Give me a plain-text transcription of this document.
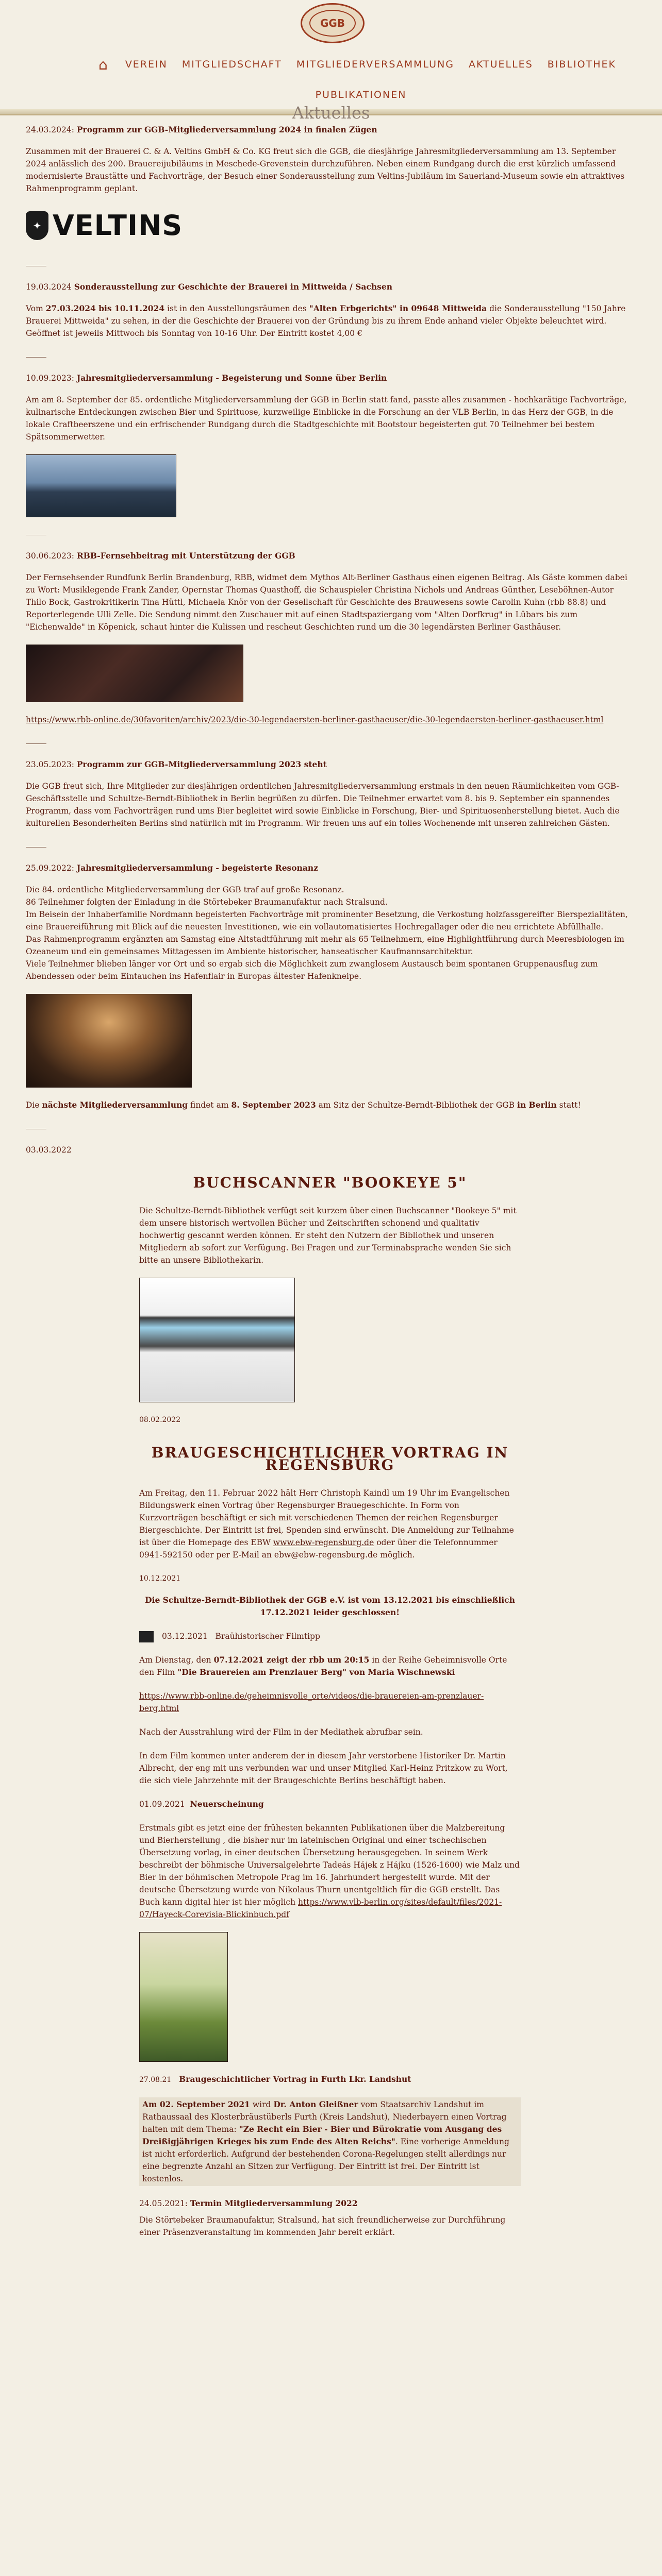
GGB
⌂ VEREIN MITGLIEDSCHAFT MITGLIEDERVERSAMMLUNG AKTUELLES BIBLIOTHEK
PUBLIKATIONEN
Aktuelles
24.03.2024: Programm zur GGB-Mitgliederversammlung 2024 in finalen Zügen

Zusammen mit der Brauerei C. & A. Veltins GmbH & Co. KG freut sich die GGB, die diesjährige Jahresmitgliederversammlung am 13. September 2024 anlässlich des 200. Brauereijubiläums in Meschede-Grevenstein durchzuführen. Neben einem Rundgang durch die erst kürzlich umfassend modernisierte Braustätte und Fachvorträge, der Besuch einer Sonderausstellung zum Veltins-Jubiläum im Sauerland-Museum sowie ein attraktives Rahmenprogramm geplant.

✦ VELTINS
19.03.2024 Sonderausstellung zur Geschichte der Brauerei in Mittweida / Sachsen

Vom 27.03.2024 bis 10.11.2024 ist in den Ausstellungsräumen des "Alten Erbgerichts" in 09648 Mittweida die Sonderausstellung "150 Jahre Brauerei Mittweida" zu sehen, in der die Geschichte der Brauerei von der Gründung bis zu ihrem Ende anhand vieler Objekte beleuchtet wird.

Geöffnet ist jeweils Mittwoch bis Sonntag von 10-16 Uhr. Der Eintritt kostet 4,00 €

10.09.2023: Jahresmitgliederversammlung - Begeisterung und Sonne über Berlin

Am am 8. September der 85. ordentliche Mitgliederversammlung der GGB in Berlin statt fand, passte alles zusammen - hochkarätige Fachvorträge, kulinarische Entdeckungen zwischen Bier und Spirituose, kurzweilige Einblicke in die Forschung an der VLB Berlin, in das Herz der GGB, in die lokale Craftbeerszene und ein erfrischender Rundgang durch die Stadtgeschichte mit Bootstour begeisterten gut 70 Teilnehmer bei bestem Spätsommerwetter.

30.06.2023: RBB-Fernsehbeitrag mit Unterstützung der GGB

Der Fernsehsender Rundfunk Berlin Brandenburg, RBB, widmet dem Mythos Alt-Berliner Gasthaus einen eigenen Beitrag. Als Gäste kommen dabei zu Wort: Musiklegende Frank Zander, Opernstar Thomas Quasthoff, die Schauspieler Christina Nichols und Andreas Günther, Leseböhnen-Autor Thilo Bock, Gastrokritikerin Tina Hüttl, Michaela Knör von der Gesellschaft für Geschichte des Brauwesens sowie Carolin Kuhn (rbb 88.8) und Reporterlegende Ulli Zelle. Die Sendung nimmt den Zuschauer mit auf einen Stadtspaziergang vom "Alten Dorfkrug" in Lübars bis zum "Eichenwalde" in Köpenick, schaut hinter die Kulissen und rescheut Geschichten rund um die 30 legendärsten Berliner Gasthäuser.

https://www.rbb-online.de/30favoriten/archiv/2023/die-30-legendaersten-berliner-gasthaeuser/die-30-legendaersten-berliner-gasthaeuser.html

23.05.2023: Programm zur GGB-Mitgliederversammlung 2023 steht

Die GGB freut sich, Ihre Mitglieder zur diesjährigen ordentlichen Jahresmitgliederversammlung erstmals in den neuen Räumlichkeiten vom GGB-Geschäftsstelle und Schultze-Berndt-Bibliothek in Berlin begrüßen zu dürfen. Die Teilnehmer erwartet vom 8. bis 9. September ein spannendes Programm, dass vom Fachvorträgen rund ums Bier begleitet wird sowie Einblicke in Forschung, Bier- und Spirituosenherstellung bietet. Auch die kulturellen Besonderheiten Berlins sind natürlich mit im Programm. Wir freuen uns auf ein tolles Wochenende mit unseren zahlreichen Gästen.

25.09.2022: Jahresmitgliederversammlung - begeisterte Resonanz

Die 84. ordentliche Mitgliederversammlung der GGB traf auf große Resonanz.
86 Teilnehmer folgten der Einladung in die Störtebeker Braumanufaktur nach Stralsund.
Im Beisein der Inhaberfamilie Nordmann begeisterten Fachvorträge mit prominenter Besetzung, die Verkostung holzfassgereifter Bierspezialitäten, eine Brauereiführung mit Blick auf die neuesten Investitionen, wie ein vollautomatisiertes Hochregallager oder die neu errichtete Abfüllhalle.
Das Rahmenprogramm ergänzten am Samstag eine Altstadtführung mit mehr als 65 Teilnehmern, eine Highlightführung durch Meeresbiologen im Ozeaneum und ein gemeinsames Mittagessen im Ambiente historischer, hanseatischer Kaufmannsarchitektur.
Viele Teilnehmer blieben länger vor Ort und so ergab sich die Möglichkeit zum zwanglosem Austausch beim spontanen Gruppenausflug zum Abendessen oder beim Eintauchen ins Hafenflair in Europas ältester Hafenkneipe.

Die nächste Mitgliederversammlung findet am 8. September 2023 am Sitz der Schultze-Berndt-Bibliothek der GGB in Berlin statt!

03.03.2022
BUCHSCANNER "BOOKEYE 5"

Die Schultze-Berndt-Bibliothek verfügt seit kurzem über einen Buchscanner "Bookeye 5" mit dem unsere historisch wertvollen Bücher und Zeitschriften schonend und qualitativ hochwertig gescannt werden können. Er steht den Nutzern der Bibliothek und unseren Mitgliedern ab sofort zur Verfügung. Bei Fragen und zur Terminabsprache wenden Sie sich bitte an unsere Bibliothekarin.

08.02.2022
BRAUGESCHICHTLICHER VORTRAG IN REGENSBURG

Am Freitag, den 11. Februar 2022 hält Herr Christoph Kaindl um 19 Uhr im Evangelischen Bildungswerk einen Vortrag über Regensburger Brauegeschichte. In Form von Kurzvorträgen beschäftigt er sich mit verschiedenen Themen der reichen Regensburger Biergeschichte. Der Eintritt ist frei, Spenden sind erwünscht. Die Anmeldung zur Teilnahme ist über die Homepage des EBW www.ebw-regensburg.de oder über die Telefonnummer 0941-592150 oder per E-Mail an ebw@ebw-regensburg.de möglich.

10.12.2021

Die Schultze-Berndt-Bibliothek der GGB e.V. ist vom 13.12.2021 bis einschließlich 17.12.2021 leider geschlossen!

03.12.2021 Braühistorischer Filmtipp

Am Dienstag, den 07.12.2021 zeigt der rbb um 20:15 in der Reihe Geheimnisvolle Orte den Film "Die Brauereien am Prenzlauer Berg" von Maria Wischnewski

https://www.rbb-online.de/geheimnisvolle_orte/videos/die-brauereien-am-prenzlauer-berg.html

Nach der Ausstrahlung wird der Film in der Mediathek abrufbar sein.

In dem Film kommen unter anderem der in diesem Jahr verstorbene Historiker Dr. Martin Albrecht, der eng mit uns verbunden war und unser Mitglied Karl-Heinz Pritzkow zu Wort, die sich viele Jahrzehnte mit der Braugeschichte Berlins beschäftigt haben.

01.09.2021 Neuerscheinung

Erstmals gibt es jetzt eine der frühesten bekannten Publikationen über die Malzbereitung und Bierherstellung , die bisher nur im lateinischen Original und einer tschechischen Übersetzung vorlag, in einer deutschen Übersetzung herausgegeben. In seinem Werk beschreibt der böhmische Universalgelehrte Tadeás Hájek z Hájku (1526-1600) wie Malz und Bier in der böhmischen Metropole Prag im 16. Jahrhundert hergestellt wurde. Mit der deutsche Übersetzung wurde von Nikolaus Thurn unentgeltlich für die GGB erstellt. Das Buch kann digital hier ist hier möglich https://www.vlb-berlin.org/sites/default/files/2021-07/Hayeck-Corevisia-Blickinbuch.pdf

27.08.21 Braugeschichtlicher Vortrag in Furth Lkr. Landshut

Am 02. September 2021 wird Dr. Anton Gleißner vom Staatsarchiv Landshut im Rathaussaal des Klosterbräustüberls Furth (Kreis Landshut), Niederbayern einen Vortrag halten mit dem Thema: "Ze Recht ein Bier - Bier und Bürokratie vom Ausgang des Dreißigjährigen Krieges bis zum Ende des Alten Reichs". Eine vorherige Anmeldung ist nicht erforderlich. Aufgrund der bestehenden Corona-Regelungen stellt allerdings nur eine begrenzte Anzahl an Sitzen zur Verfügung. Der Eintritt ist frei. Der Eintritt ist kostenlos.

24.05.2021: Termin Mitgliederversammlung 2022

Die Störtebeker Braumanufaktur, Stralsund, hat sich freundlicherweise zur Durchführung einer Präsenzveranstaltung im kommenden Jahr bereit erklärt.
